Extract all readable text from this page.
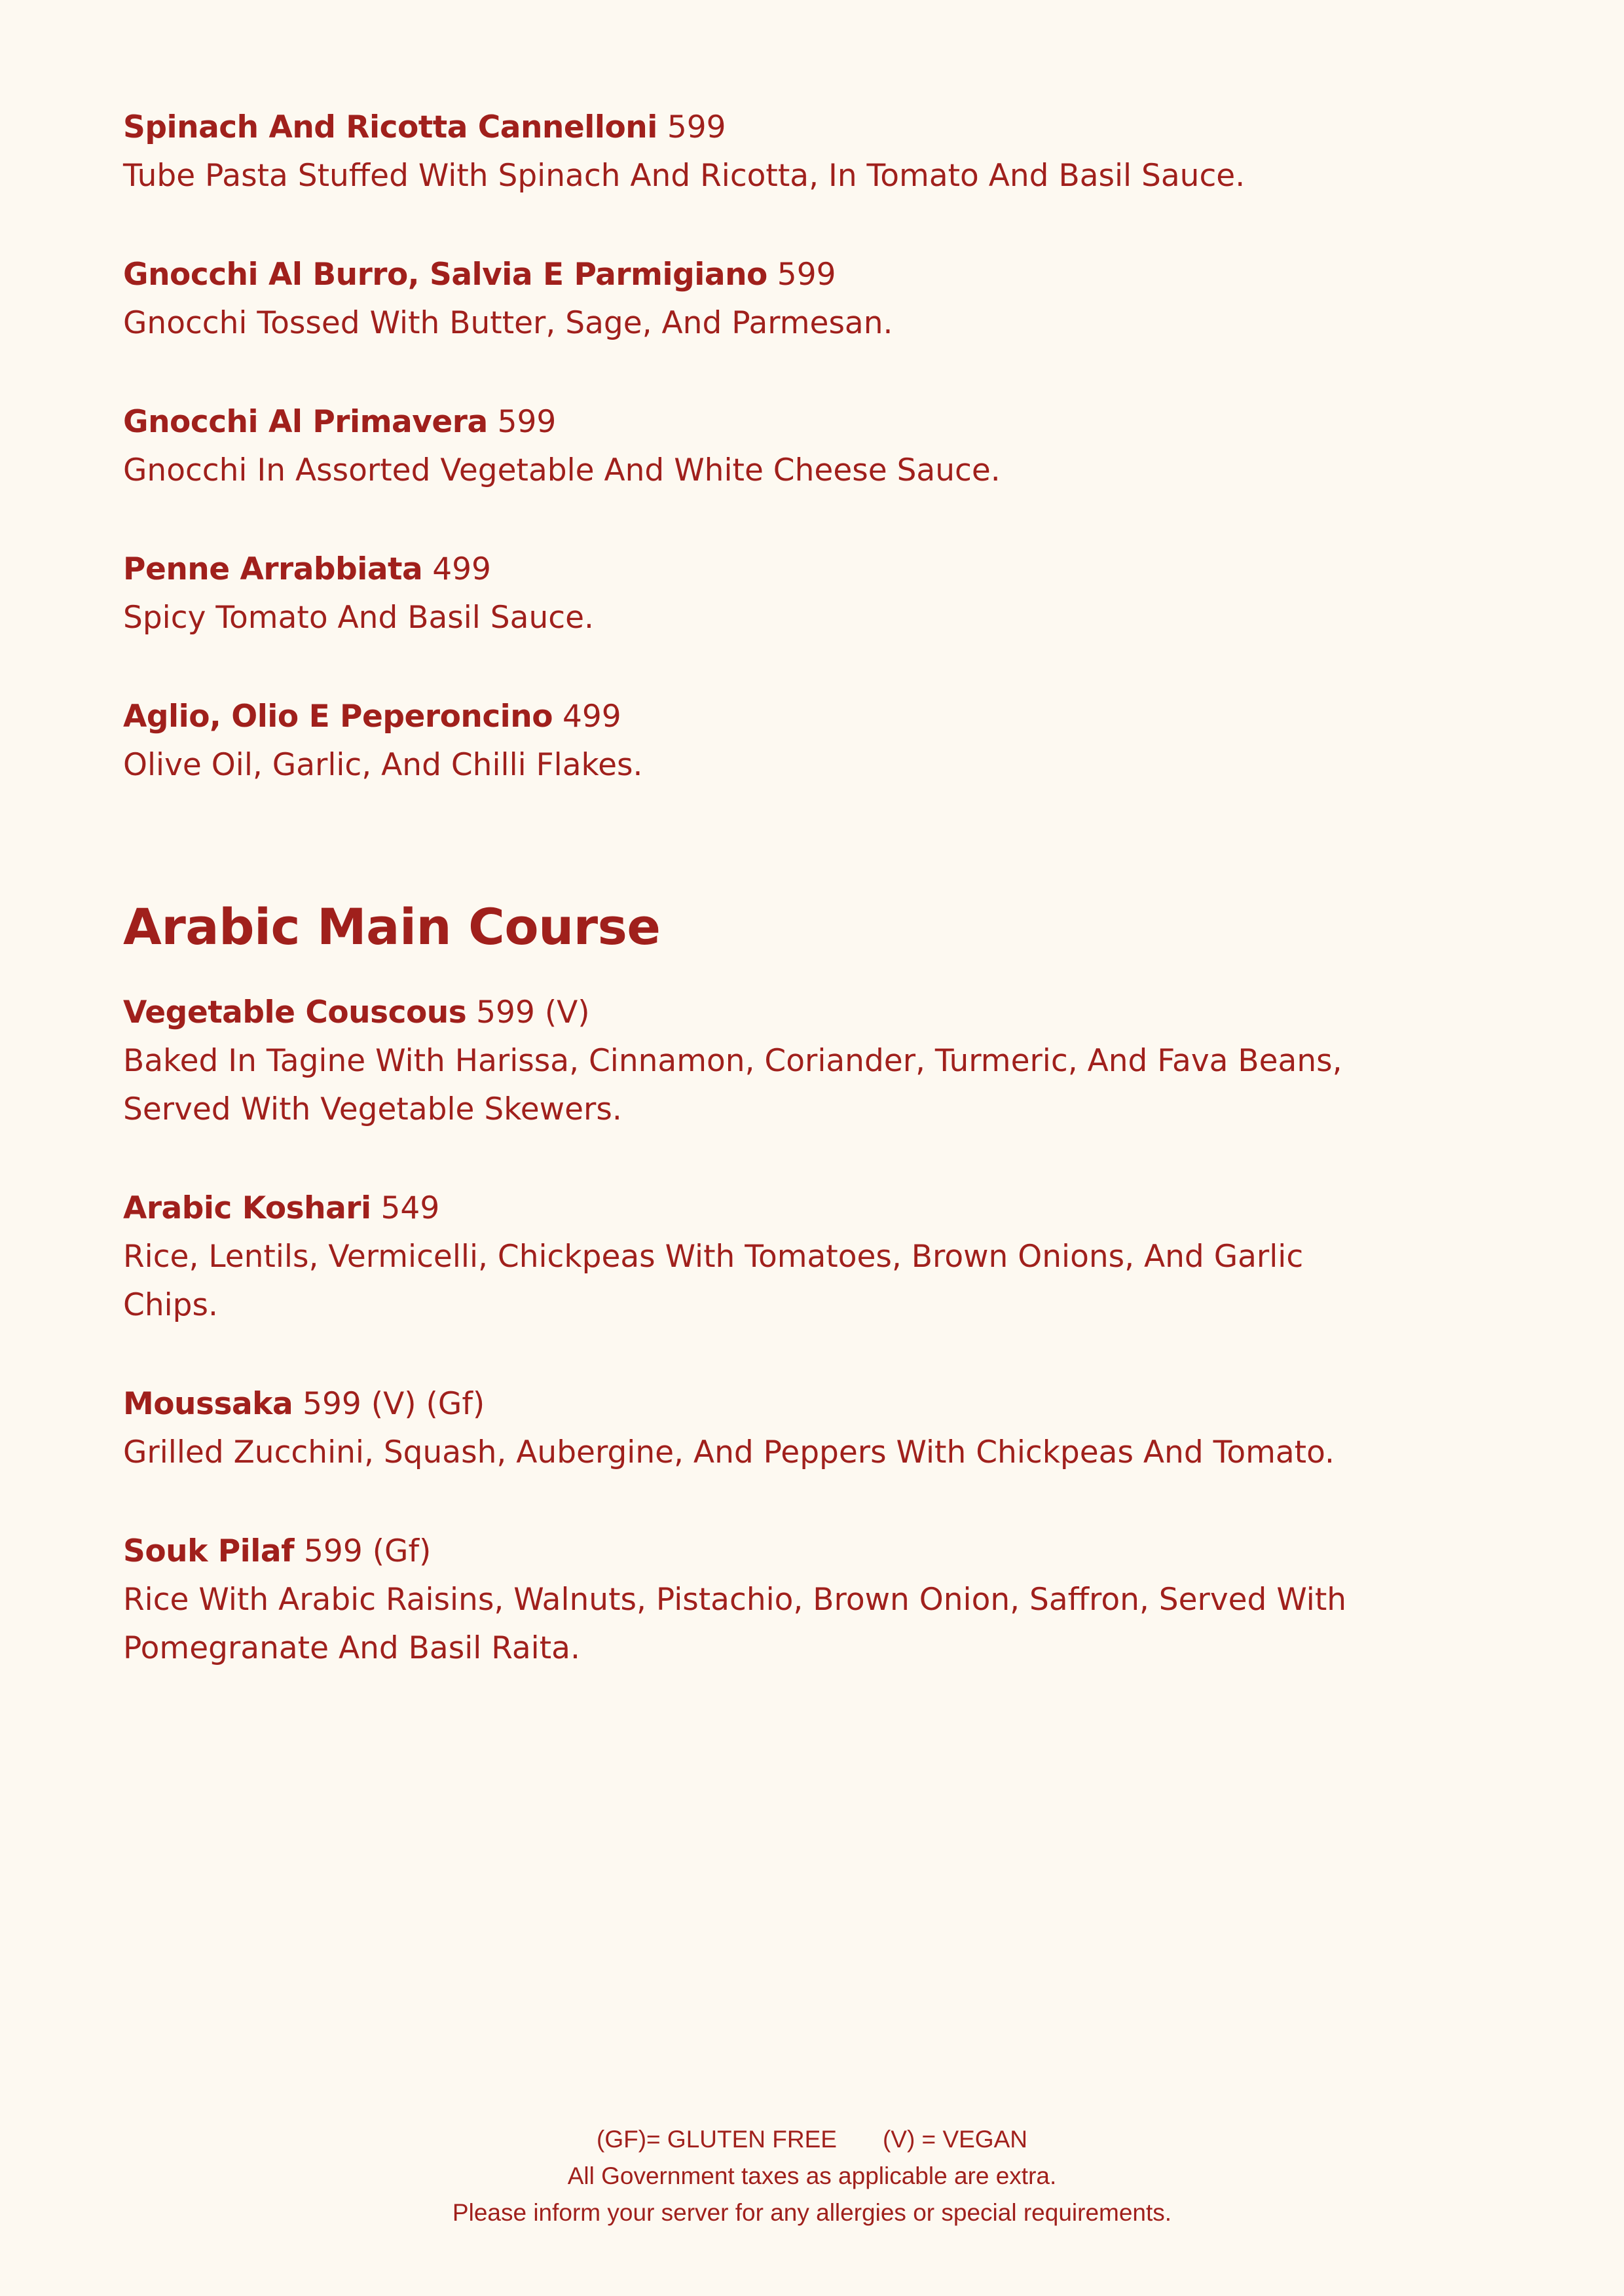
Spinach And Ricotta Cannelloni 599
Tube Pasta Stuffed With Spinach And Ricotta, In Tomato And Basil Sauce.
Gnocchi Al Burro, Salvia E Parmigiano 599
Gnocchi Tossed With Butter, Sage, And Parmesan.
Gnocchi Al Primavera 599
Gnocchi In Assorted Vegetable And White Cheese Sauce.
Penne Arrabbiata 499
Spicy Tomato And Basil Sauce.
Aglio, Olio E Peperoncino 499
Olive Oil, Garlic, And Chilli Flakes.
Arabic Main Course
Vegetable Couscous 599 (V)
Baked In Tagine With Harissa, Cinnamon, Coriander, Turmeric, And Fava Beans, Served With Vegetable Skewers.
Arabic Koshari 549
Rice, Lentils, Vermicelli, Chickpeas With Tomatoes, Brown Onions, And Garlic Chips.
Moussaka 599 (V) (Gf)
Grilled Zucchini, Squash, Aubergine, And Peppers With Chickpeas And Tomato.
Souk Pilaf 599 (Gf)
Rice With Arabic Raisins, Walnuts, Pistachio, Brown Onion, Saffron, Served With Pomegranate And Basil Raita.
(GF)= GLUTEN FREE (V) = VEGAN
All Government taxes as applicable are extra.
Please inform your server for any allergies or special requirements.
